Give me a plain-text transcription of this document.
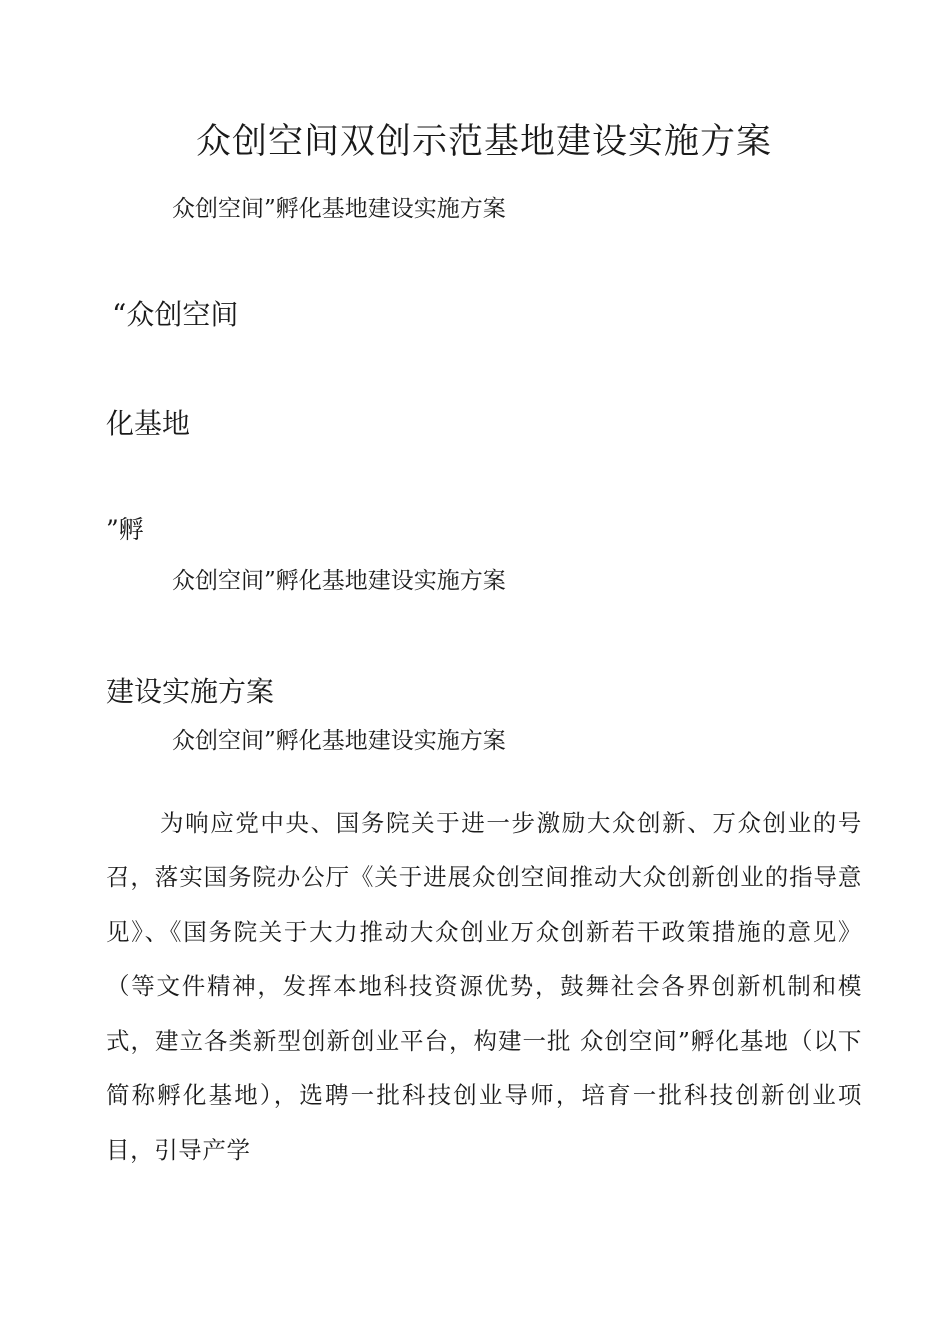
众创空间双创示范基地建设实施方案
众创空间”孵化基地建设实施方案
“众创空间
化基地
”孵
众创空间”孵化基地建设实施方案
建设实施方案
众创空间”孵化基地建设实施方案

为响应党中央、国务院关于进一步激励大众创新、万众创业的号召，落实国务院办公厅《关于进展众创空间推动大众创新创业的指导意见》、《国务院关于大力推动大众创业万众创新若干政策措施的意见》（等文件精神，发挥本地科技资源优势，鼓舞社会各界创新机制和模式，建立各类新型创新创业平台，构建一批 众创空间”孵化基地（以下简称孵化基地），选聘一批科技创业导师，培育一批科技创新创业项目，引导产学
